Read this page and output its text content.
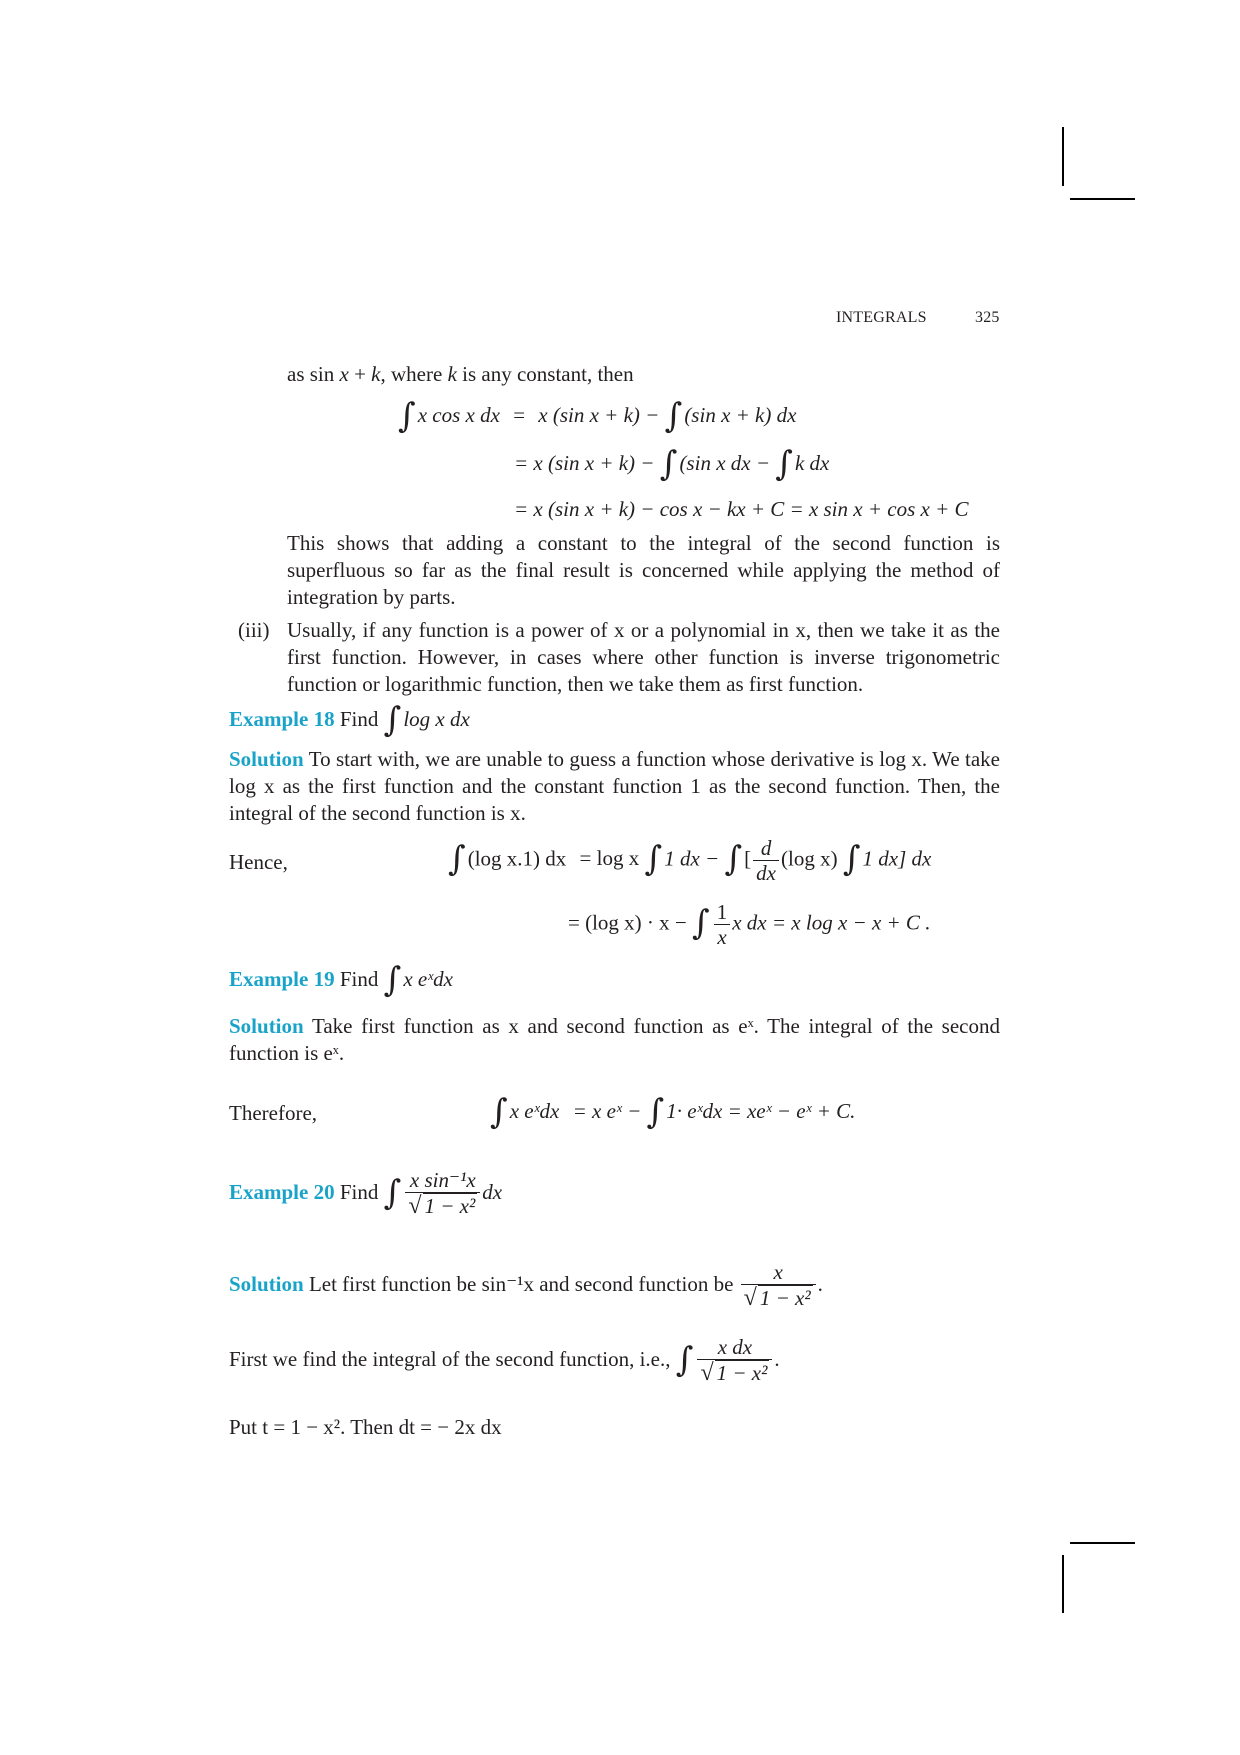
INTEGRALS	325
as sin x + k, where k is any constant, then
∫x cos x dx = x (sin x + k) − ∫(sin x + k) dx
= x (sin x + k) − ∫(sin x dx − ∫k dx
= x (sin x + k) − cos x − kx + C = x sin x + cos x + C
This shows that adding a constant to the integral of the second function is superfluous so far as the final result is concerned while applying the method of integration by parts.
(iii) Usually, if any function is a power of x or a polynomial in x, then we take it as the first function. However, in cases where other function is inverse trigonometric function or logarithmic function, then we take them as first function.
Example 18 Find ∫log x dx
Solution To start with, we are unable to guess a function whose derivative is log x. We take log x as the first function and the constant function 1 as the second function. Then, the integral of the second function is x.
Hence,	∫(log x.1) dx = log x ∫1 dx − ∫[ $\frac{d}{dx} (\log$ x) ∫1 dx] dx
= (log x) · x − ∫ $\frac{1}{x}$ x dx = x log x − x + C .
Example 19 Find ∫x eˣdx
Solution Take first function as x and second function as eˣ. The integral of the second function is eˣ.
Therefore,	∫x eˣdx = x eˣ − ∫1· eˣdx = xeˣ − eˣ + C.
Example 20 Find ∫ $\frac{\text{x sin⁻¹x}}{\text{√ 1 − x²}}$ dx
Solution Let first function be sin⁻¹x and second function be $\frac{x}{\text{√ 1 − x²}}$ .
First we find the integral of the second function, i.e., ∫ $\frac{\text{x dx}}{\text{√ 1 − x²}}$ .
Put t = 1 − x². Then dt = − 2x dx
